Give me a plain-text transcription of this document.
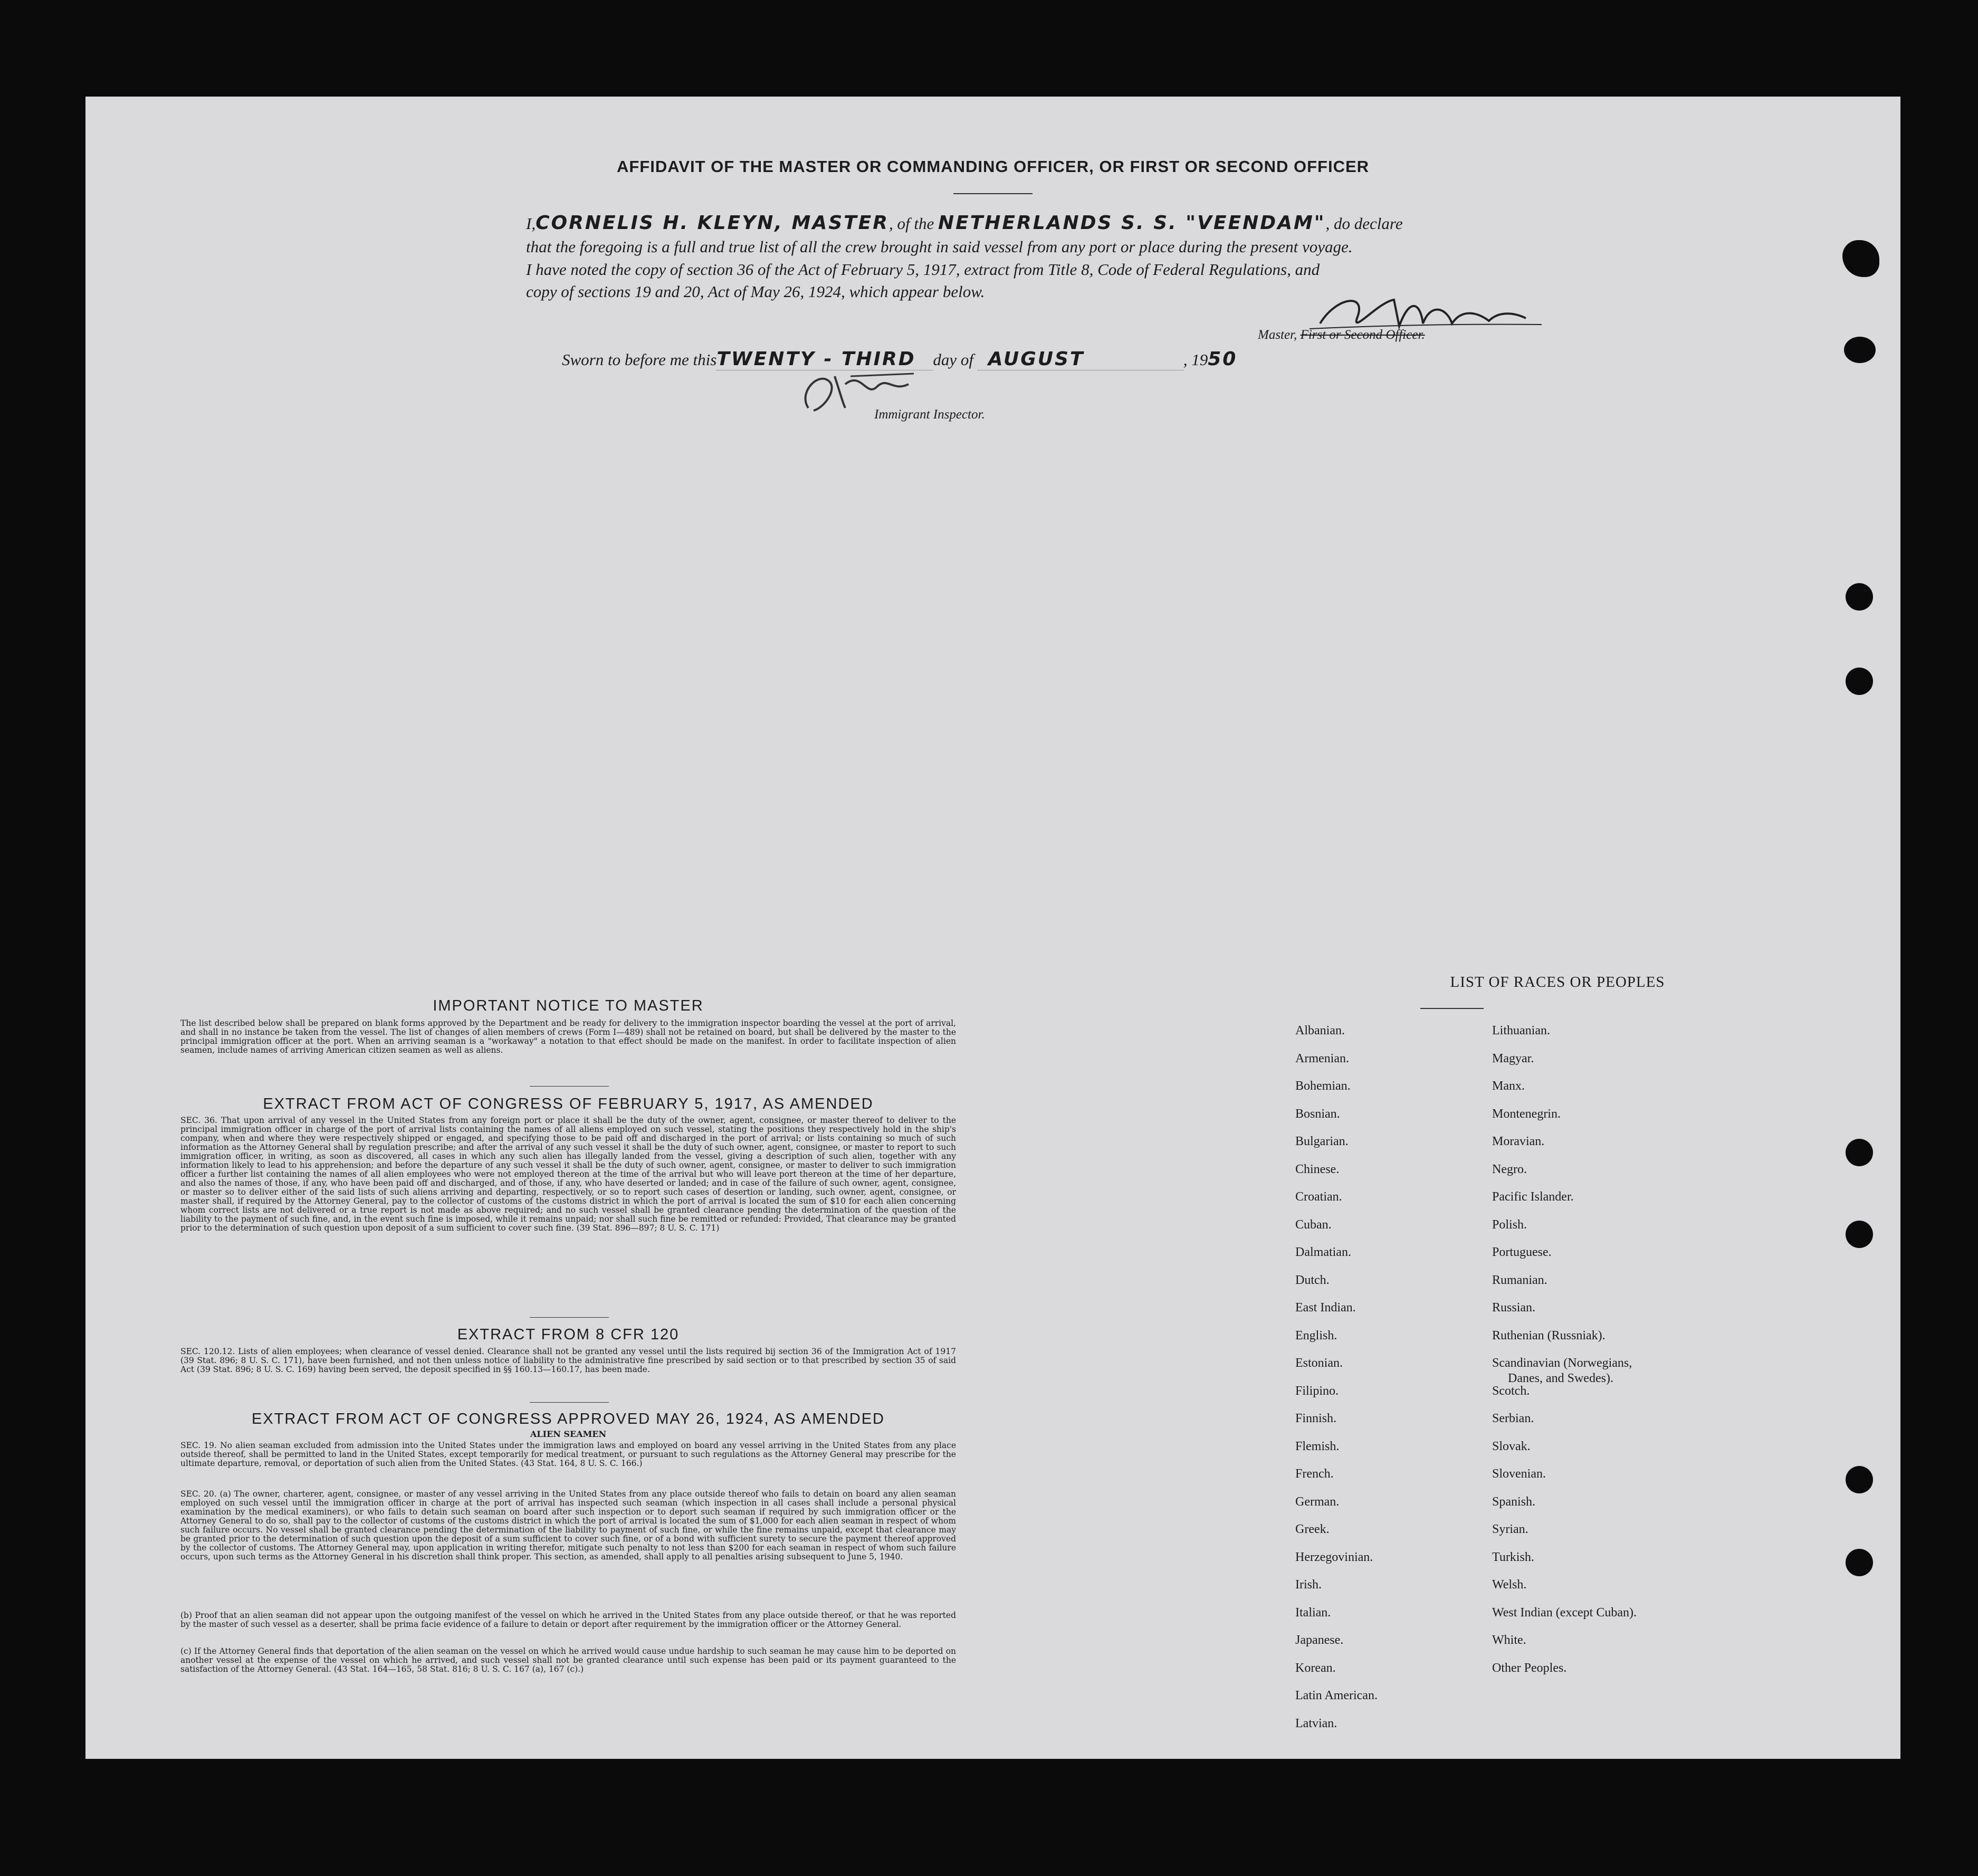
AFFIDAVIT OF THE MASTER OR COMMANDING OFFICER, OR FIRST OR SECOND OFFICER
I,CORNELIS H. KLEYN, MASTER, of the NETHERLANDS S. S. "VEENDAM", do declare
that the foregoing is a full and true list of all the crew brought in said vessel from any port or place during the present voyage.
I have noted the copy of section 36 of the Act of February 5, 1917, extract from Title 8, Code of Federal Regulations, and
copy of sections 19 and 20, Act of May 26, 1924, which appear below.
Master, First or Second Officer.
Sworn to before me thisTWENTY - THIRD day of AUGUST	, 1950
Immigrant Inspector.
IMPORTANT NOTICE TO MASTER
The list described below shall be prepared on blank forms approved by the Department and be ready for delivery to the immigration inspector boarding the vessel at the port of arrival, and shall in no instance be taken from the vessel. The list of changes of alien members of crews (Form I—489) shall not be retained on board, but shall be delivered by the master to the principal immigration officer at the port. When an arriving seaman is a "workaway" a notation to that effect should be made on the manifest. In order to facilitate inspection of alien seamen, include names of arriving American citizen seamen as well as aliens.
EXTRACT FROM ACT OF CONGRESS OF FEBRUARY 5, 1917, AS AMENDED
SEC. 36. That upon arrival of any vessel in the United States from any foreign port or place it shall be the duty of the owner, agent, consignee, or master thereof to deliver to the principal immigration officer in charge of the port of arrival lists containing the names of all aliens employed on such vessel, stating the positions they respectively hold in the ship's company, when and where they were respectively shipped or engaged, and specifying those to be paid off and discharged in the port of arrival; or lists containing so much of such information as the Attorney General shall by regulation prescribe; and after the arrival of any such vessel it shall be the duty of such owner, agent, consignee, or master to report to such immigration officer, in writing, as soon as discovered, all cases in which any such alien has illegally landed from the vessel, giving a description of such alien, together with any information likely to lead to his apprehension; and before the departure of any such vessel it shall be the duty of such owner, agent, consignee, or master to deliver to such immigration officer a further list containing the names of all alien employees who were not employed thereon at the time of the arrival but who will leave port thereon at the time of her departure, and also the names of those, if any, who have been paid off and discharged, and of those, if any, who have deserted or landed; and in case of the failure of such owner, agent, consignee, or master so to deliver either of the said lists of such aliens arriving and departing, respectively, or so to report such cases of desertion or landing, such owner, agent, consignee, or master shall, if required by the Attorney General, pay to the collector of customs of the customs district in which the port of arrival is located the sum of $10 for each alien concerning whom correct lists are not delivered or a true report is not made as above required; and no such vessel shall be granted clearance pending the determination of the question of the liability to the payment of such fine, and, in the event such fine is imposed, while it remains unpaid; nor shall such fine be remitted or refunded: Provided, That clearance may be granted prior to the determination of such question upon deposit of a sum sufficient to cover such fine. (39 Stat. 896—897; 8 U. S. C. 171)
EXTRACT FROM 8 CFR 120
SEC. 120.12. Lists of alien employees; when clearance of vessel denied. Clearance shall not be granted any vessel until the lists required bij section 36 of the Immigration Act of 1917 (39 Stat. 896; 8 U. S. C. 171), have been furnished, and not then unless notice of liability to the administrative fine prescribed by said section or to that prescribed by section 35 of said Act (39 Stat. 896; 8 U. S. C. 169) having been served, the deposit specified in §§ 160.13—160.17, has been made.
EXTRACT FROM ACT OF CONGRESS APPROVED MAY 26, 1924, AS AMENDED
ALIEN SEAMEN
SEC. 19. No alien seaman excluded from admission into the United States under the immigration laws and employed on board any vessel arriving in the United States from any place outside thereof, shall be permitted to land in the United States, except temporarily for medical treatment, or pursuant to such regulations as the Attorney General may prescribe for the ultimate departure, removal, or deportation of such alien from the United States. (43 Stat. 164, 8 U. S. C. 166.)
SEC. 20. (a) The owner, charterer, agent, consignee, or master of any vessel arriving in the United States from any place outside thereof who fails to detain on board any alien seaman employed on such vessel until the immigration officer in charge at the port of arrival has inspected such seaman (which inspection in all cases shall include a personal physical examination by the medical examiners), or who fails to detain such seaman on board after such inspection or to deport such seaman if required by such immigration officer or the Attorney General to do so, shall pay to the collector of customs of the customs district in which the port of arrival is located the sum of $1,000 for each alien seaman in respect of whom such failure occurs. No vessel shall be granted clearance pending the determination of the liability to payment of such fine, or while the fine remains unpaid, except that clearance may be granted prior to the determination of such question upon the deposit of a sum sufficient to cover such fine, or of a bond with sufficient surety to secure the payment thereof approved by the collector of customs. The Attorney General may, upon application in writing therefor, mitigate such penalty to not less than $200 for each seaman in respect of whom such failure occurs, upon such terms as the Attorney General in his discretion shall think proper. This section, as amended, shall apply to all penalties arising subsequent to June 5, 1940.
(b) Proof that an alien seaman did not appear upon the outgoing manifest of the vessel on which he arrived in the United States from any place outside thereof, or that he was reported by the master of such vessel as a deserter, shall be prima facie evidence of a failure to detain or deport after requirement by the immigration officer or the Attorney General.
(c) If the Attorney General finds that deportation of the alien seaman on the vessel on which he arrived would cause undue hardship to such seaman he may cause him to be deported on another vessel at the expense of the vessel on which he arrived, and such vessel shall not be granted clearance until such expense has been paid or its payment guaranteed to the satisfaction of the Attorney General. (43 Stat. 164—165, 58 Stat. 816; 8 U. S. C. 167 (a), 167 (c).)
LIST OF RACES OR PEOPLES
Albanian.
Armenian.
Bohemian.
Bosnian.
Bulgarian.
Chinese.
Croatian.
Cuban.
Dalmatian.
Dutch.
East Indian.
English.
Estonian.
Filipino.
Finnish.
Flemish.
French.
German.
Greek.
Herzegovinian.
Irish.
Italian.
Japanese.
Korean.
Latin American.
Latvian.
Lithuanian.
Magyar.
Manx.
Montenegrin.
Moravian.
Negro.
Pacific Islander.
Polish.
Portuguese.
Rumanian.
Russian.
Ruthenian (Russniak).
Scandinavian (Norwegians,
Danes, and Swedes).
Scotch.
Serbian.
Slovak.
Slovenian.
Spanish.
Syrian.
Turkish.
Welsh.
West Indian (except Cuban).
White.
Other Peoples.
